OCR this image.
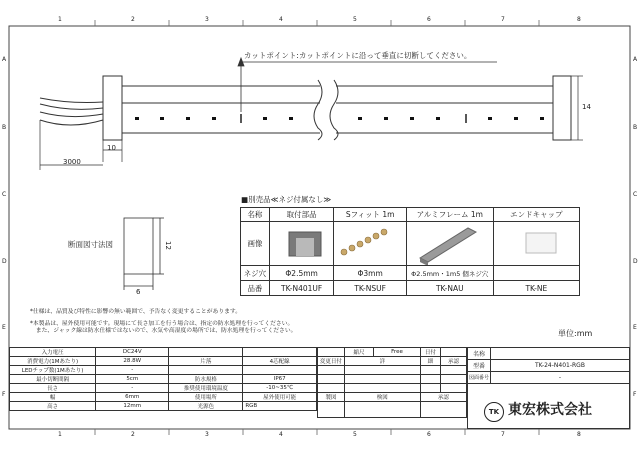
1	2	3	4	5	6	7	8
1	2	3	4	5	6	7	8
A
B
C
D
E
F
A
B
C
D
E
F
カットポイント:カットポイントに沿って垂直に切断してください。
14
10
3000
断面図寸法図	12
6
■別売品≪ネジ付属なし≫
名称	取付部品	Sフィット 1m	アルミフレーム 1m	エンドキャップ
画像				
ネジ穴	Φ2.5mm	Φ3mm	Φ2.5mm・1m5 個ネジ穴	
品番	TK-N401UF	TK-NSUF	TK-NAU	TK-NE
*仕様は、品質及び特性に影響の無い範囲で、予告なく変更することがあります。
*本製品は、屋外使用可能です。現場にて長さ加工を行う場合は、指定の防水処理を行ってください。
　また、ジャック線は防水仕様ではないので、水気や高湿度の場所では、防水処理を行ってください。	単位:mm
入力電圧	DC24V		
消費電力(1Mあたり)	28.8W	片落	4芯配線
LEDチップ数(1Mあたり)	-		
最小切断間隔	5cm	防水規格	IP67
長さ	-	推奨使用環境温度	-10~35℃
幅	6mm	使用場所	屋外使用可能
高さ	12mm	光源色	RGB
	縮尺	Free	日付	
変更日付	詳		細	承認

製図	検図		承認	

名称	
型番	TK-24-N401-RGB
図面番号	-

TK 東宏株式会社
